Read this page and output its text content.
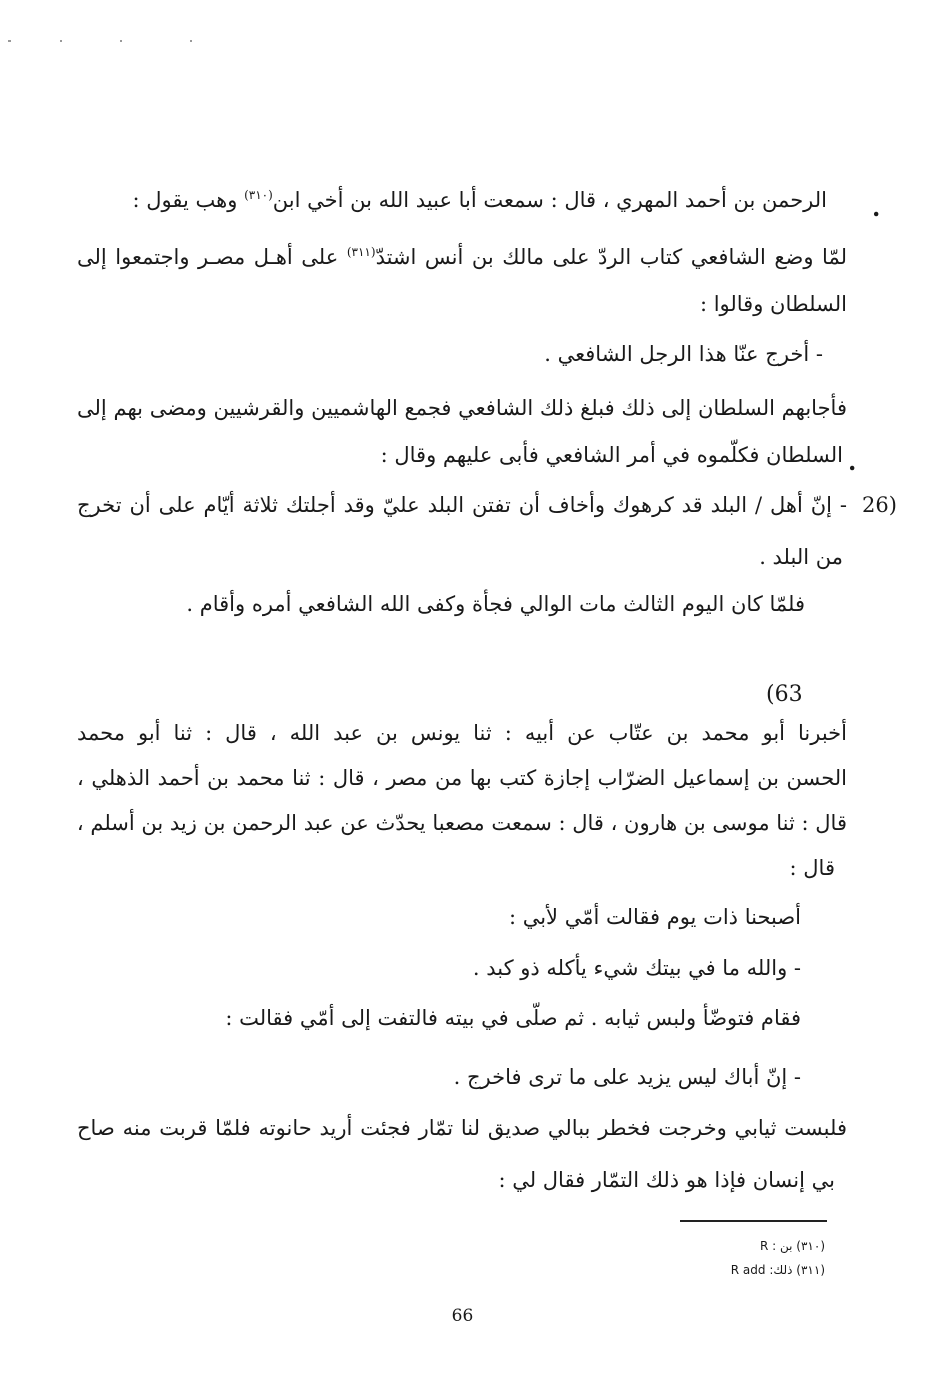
.
الرحمن بن أحمد المهري ، قال : سمعت أبا عبيد الله بن أخي ابن$^{(٣١٠)}$ وهب يقول :
لمّا وضع الشافعي كتاب الردّ على مالك بن أنس اشتدّ$^{(٣١١)}$ على أهـل مصـر واجتمعوا إلى
السلطان وقالوا :
- أخرج عنّا هذا الرجل الشافعي .
فأجابهم السلطان إلى ذلك فبلغ ذلك الشافعي فجمع الهاشميين والقرشيين ومضى بهم إلى
.
السلطان فكلّموه في أمر الشافعي فأبى عليهم وقال :
26)
- إنّ أهل / البلد قد كرهوك وأخاف أن تفتن البلد عليّ وقد أجلتك ثلاثة أيّام على أن تخرج
من البلد .
فلمّا كان اليوم الثالث مات الوالي فجأة وكفى الله الشافعي أمره وأقام .
(63
أخبرنا أبو محمد بن عتّاب عن أبيه : ثنا يونس بن عبد الله ، قال : ثنا أبو محمد
الحسن بن إسماعيل الضرّاب إجازة كتب بها من مصر ، قال : ثنا محمد بن أحمد الذهلي ،
قال : ثنا موسى بن هارون ، قال : سمعت مصعبا يحدّث عن عبد الرحمن بن زيد بن أسلم ،
قال :
أصبحنا ذات يوم فقالت أمّي لأبي :
- والله ما في بيتك شيء يأكله ذو كبد .
فقام فتوضّأ ولبس ثيابه . ثم صلّى في بيته فالتفت إلى أمّي فقالت :
- إنّ أباك ليس يزيد على ما ترى فاخرج .
فلبست ثيابي وخرجت فخطر ببالي صديق لنا تمّار فجئت أريد حانوته فلمّا قربت منه صاح
بي إنسان فإذا هو ذلك التمّار فقال لي :
(٣١٠) بن : R
(٣١١) ذلك: R add
66
